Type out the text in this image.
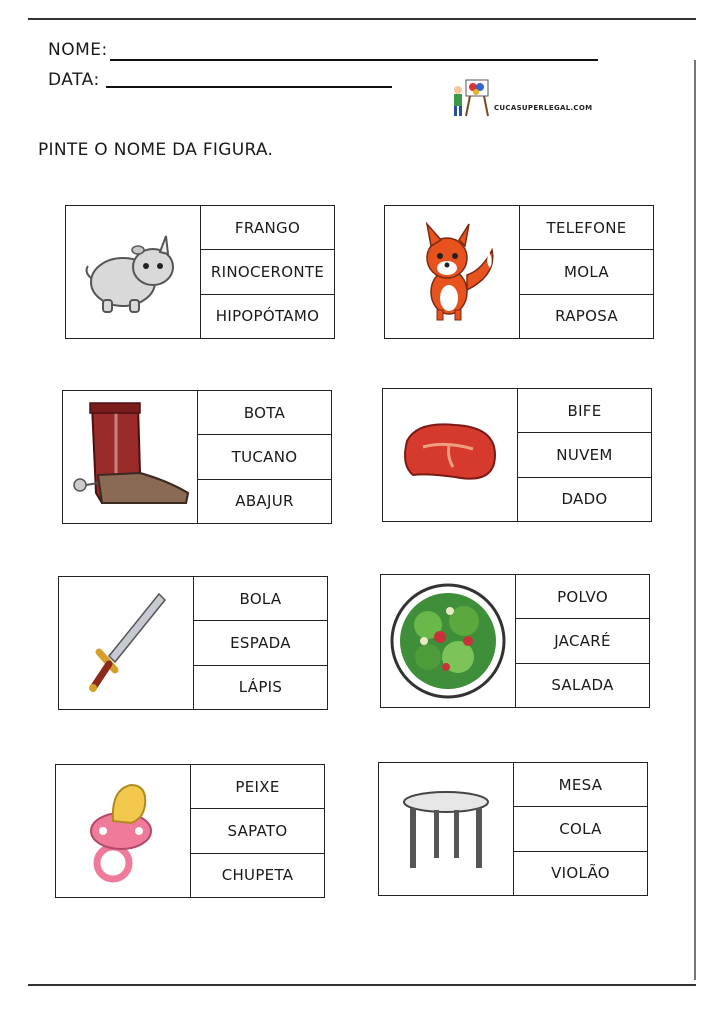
NOME:
DATA:
CUCASUPERLEGAL.COM
PINTE O NOME DA FIGURA.
FRANGO
RINOCERONTE
HIPOPÓTAMO
TELEFONE
MOLA
RAPOSA
BOTA
TUCANO
ABAJUR
BIFE
NUVEM
DADO
BOLA
ESPADA
LÁPIS
POLVO
JACARÉ
SALADA
PEIXE
SAPATO
CHUPETA
MESA
COLA
VIOLÃO
